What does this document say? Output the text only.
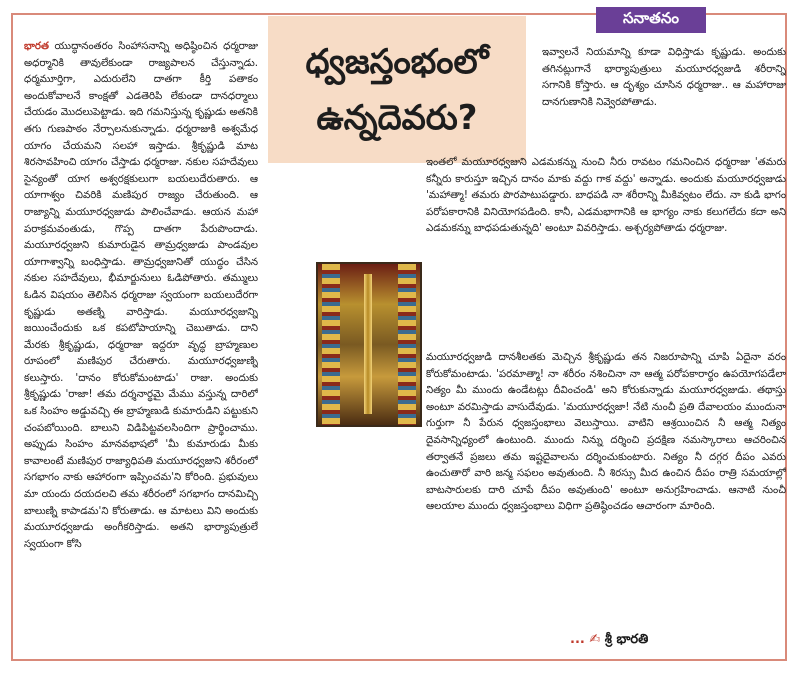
సనాతనం
ధ్వజస్తంభంలో ఉన్నదెవరు?

భారత యుద్ధానంతరం సింహాసనాన్ని అధిష్ఠించిన ధర్మరాజు అధర్మానికి తావులేకుండా రాజ్యపాలన చేస్తున్నాడు. ధర్మమూర్తిగా, ఎదురులేని దాతగా కీర్తి పతాకం అందుకోవాలనే కాంక్షతో ఎడతెరిపి లేకుండా దానధర్మాలు చేయడం మొదలుపెట్టాడు. ఇది గమనిస్తున్న కృష్ణుడు అతనికి తగు గుణపాఠం నేర్పాలనుకున్నాడు. ధర్మరాజుకి అశ్వమేధ యాగం చేయమని సలహా ఇస్తాడు. శ్రీకృష్ణుడి మాట శిరసావహించి యాగం చేస్తాడు ధర్మరాజు. నకుల సహదేవులు సైన్యంతో యాగ అశ్వరక్షకులుగా బయలుదేరుతారు. ఆ యాగాశ్వం చివరికి మణిపుర రాజ్యం చేరుతుంది. ఆ రాజ్యాన్ని మయూరధ్వజుడు పాలించేవాడు. ఆయన మహా పరాక్రమవంతుడు, గొప్ప దాతగా పేరుపొందాడు. మయూరధ్వజుని కుమారుడైన తామ్రధ్వజుడు పాండవుల యాగాశ్వాన్ని బంధిస్తాడు. తామ్రధ్వజునితో యుద్ధం చేసిన నకుల సహదేవులు, భీమార్జునులు ఓడిపోతారు. తమ్ములు ఓడిన విషయం తెలిసిన ధర్మరాజు స్వయంగా బయలుదేరగా కృష్ణుడు అతణ్ని వారిస్తాడు. మయూరధ్వజున్ని జయించేందుకు ఒక కపటోపాయాన్ని చెబుతాడు. దాని మేరకు శ్రీకృష్ణుడు, ధర్మరాజు ఇద్దరూ వృద్ధ బ్రాహ్మణుల రూపంలో మణిపుర చేరుతారు. మయూరధ్వజుణ్ని కలుస్తారు. 'దానం కోరుకోమంటాడు' రాజు. అందుకు శ్రీకృష్ణుడు 'రాజా! తమ దర్శనార్థమై మేము వస్తున్న దారిలో ఒక సింహం అడ్డువచ్చి ఈ బ్రాహ్మణుడి కుమారుడిని పట్టుకుని చంపబోయింది. బాలుని విడిపిట్టవలసిందిగా ప్రార్థించాము. అప్పుడు సింహం మానవభాషలో 'మీ కుమారుడు మీకు కావాలంటే మణిపుర రాజ్యాధిపతి మయూరధ్వజుని శరీరంలో సగభాగం నాకు ఆహారంగా ఇప్పించమ'ని కోరింది. ప్రభువులు మా యందు దయదలచి తమ శరీరంలో సగభాగం దానమిచ్చి బాలుణ్ని కాపాడమ'ని కోరుతాడు. ఆ మాటలు విని అందుకు మయూరధ్వజుడు అంగీకరిస్తాడు. అతని భార్యాపుత్రులే స్వయంగా కోసి

ఇవ్వాలనే నియమాన్ని కూడా విధిస్తాడు కృష్ణుడు. అందుకు తగినట్లుగానే భార్యాపుత్రులు మయూరధ్వజుడి శరీరాన్ని సగానికి కోస్తారు. ఆ దృశ్యం చూసిన ధర్మరాజు.. ఆ మహారాజు దానగుణానికి నివ్వెరపోతాడు.

ఇంతలో మయూరధ్వజుని ఎడమకన్ను నుంచి నీరు రావటం గమనించిన ధర్మరాజు 'తమరు కన్నీరు కారుస్తూ ఇచ్చిన దానం మాకు వద్దు గాక వద్దు' అన్నాడు. అందుకు మయూరధ్వజుడు 'మహాత్మా! తమరు పొరపాటుపడ్డారు. బాధపడి నా శరీరాన్ని మీకివ్వటం లేదు. నా కుడి భాగం పరోపకారానికి వినియోగపడింది. కానీ, ఎడమభాగానికి ఆ భాగ్యం నాకు కలుగలేదు కదా అని ఎడమకన్ను బాధపడుతున్నది' అంటూ వివరిస్తాడు. అశ్చర్యపోతాడు ధర్మరాజు.

మయూరధ్వజుడి దానశీలతకు మెచ్చిన శ్రీకృష్ణుడు తన నిజరూపాన్ని చూపి ఏదైనా వరం కోరుకోమంటాడు. 'పరమాత్మా! నా శరీరం నశించినా నా ఆత్మ పరోపకారార్థం ఉపయోగపడేలా నిత్యం మీ ముందు ఉండేటట్లు దీవించండి' అని కోరుకున్నాడు మయూరధ్వజుడు. తథాస్తు అంటూ వరమిస్తాడు వాసుదేవుడు. 'మయూరధ్వజా! నేటి నుంచీ ప్రతి దేవాలయం ముందునా గుర్తుగా నీ పేరున ధ్వజస్తంభాలు వెలుస్తాయి. వాటిని ఆశ్రయించిన నీ ఆత్మ నిత్యం దైవసాన్నిధ్యంలో ఉంటుంది. ముందు నిన్ను దర్శించి ప్రదక్షిణ నమస్కారాలు ఆచరించిన తర్వాతనే ప్రజలు తమ ఇష్టదైవాలను దర్శించుకుంటారు. నిత్యం నీ దగ్గర దీపం ఎవరు ఉంచుతారో వారి జన్మ సఫలం అవుతుంది. నీ శిరస్సు మీద ఉంచిన దీపం రాత్రి సమయాల్లో బాటసారులకు దారి చూపే దీపం అవుతుంది' అంటూ అనుగ్రహించాడు. ఆనాటి నుంచీ ఆలయాల ముందు ధ్వజస్తంభాలు విధిగా ప్రతిష్ఠించడం ఆచారంగా మారింది.

... ✍ శ్రీ భారతి
